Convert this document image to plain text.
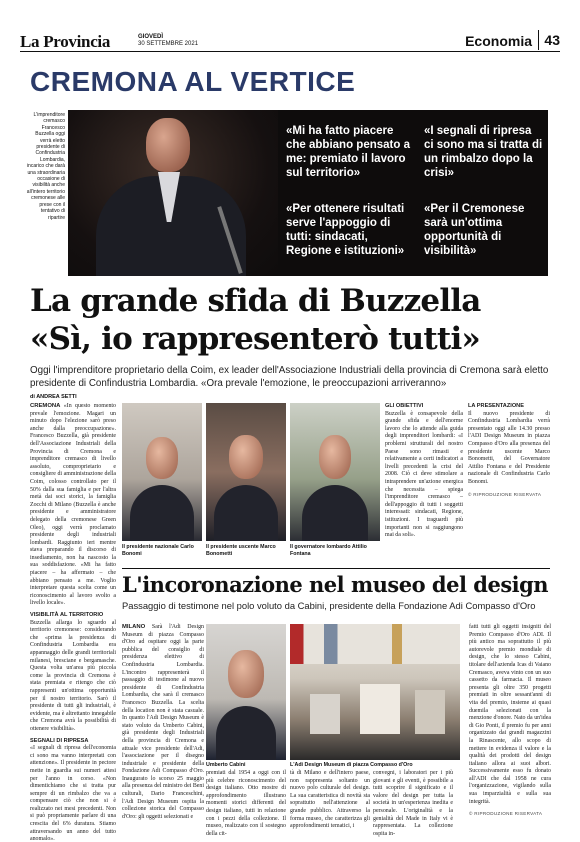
La Provincia	GIOVEDÌ
30 SETTEMBRE 2021	Economia 43
CREMONA AL VERTICE
L'imprenditore cremasco Francesco Buzzella oggi verrà eletto presidente di Confindustria Lombardia, incarico che darà una straordinaria occasione di visibilità anche all'intero territorio cremonese alle prese con il tentativo di ripartire
«Mi ha fatto piacere che abbiano pensato a me: premiato il lavoro sul territorio»
«I segnali di ripresa ci sono ma si tratta di un rimbalzo dopo la crisi»
«Per ottenere risultati serve l'appoggio di tutti: sindacati, Regione e istituzioni»
«Per il Cremonese sarà un'ottima opportunità di visibilità»
La grande sfida di Buzzella
«Sì, io rappresenterò tutti»
Oggi l'imprenditore proprietario della Coim, ex leader dell'Associazione Industriali della provincia di Cremona sarà eletto presidente di Confindustria Lombardia. «Ora prevale l'emozione, le preoccupazioni arriveranno»
di ANDREA SETTI
CREMONA «In questo momento prevale l'emozione. Magari un minuto dopo l'elezione sarò preso anche dalla preoccupazione». Francesco Buzzella, già presidente dell'Associazione Industriali della Provincia di Cremona e imprenditore cremasco di livello assoluto, comproprietario e consigliere di amministrazione della Coim, colosso controllato per il 50% dalla sua famiglia e per l'altra metà dai soci storici, la famiglia Zocchi di Milano (Buzzella è anche presidente e amministratore delegato della cremonese Green Oleo), oggi verrà proclamato presidente degli industriali lombardi. Raggiunto ieri mentre stava preparando il discorso di insediamento, non ha nascosto la sua soddisfazione. «Mi ha fatto piacere – ha affermato – che abbiano pensato a me. Voglio interpretare questa scelta come un riconoscimento al lavoro svolto a livello locale».
VISIBILITÀ AL TERRITORIO
Buzzella allarga lo sguardo al territorio cremonese: considerando che «prima la presidenza di Confindustria Lombardia era appannaggio delle grandi territoriali milanesi, bresciane e bergamasche. Questa volta un'area più piccola come la provincia di Cremona è stata premiata e ritengo che ciò rappresenti un'ottima opportunità per il nostro territorio. Sarò il presidente di tutti gli industriali, è evidente, ma è altrettanto innegabile che Cremona avrà la possibilità di ottenere visibilità».
SEGNALI DI RIPRESA
«I segnali di ripresa dell'economia ci sono ma vanno interpretati con attenzione». Il presidente in pectore mette in guardia sui numeri attesi per l'anno in corso. «Non dimentichiamo che si tratta pur sempre di un rimbalzo che va a compensare ciò che non si è realizzato nei mesi precedenti. Non si può propriamente parlare di una crescita del 6% duratura. Stiamo attraversando un anno del tutto anomalo».
Il presidente nazionale Carlo Bonomi
Il presidente uscente Marco Bonometti
Il governatore lombardo Attilio Fontana
GLI OBIETTIVI
Buzzella è consapevole della grande sfida e dell'enorme lavoro che lo attende alla guida degli imprenditori lombardi: «I problemi strutturali del nostro Paese sono rimasti e relativamente a certi indicatori a livelli precedenti la crisi del 2008. Ciò ci deve stimolare a intraprendere un'azione energica che necessita – spiega l'imprenditore cremasco – dell'appoggio di tutti i soggetti interessati: sindacati, Regione, istituzioni. I traguardi più importanti non si raggiungono mai da soli».
LA PRESENTAZIONE
Il nuovo presidente di Confindustria Lombardia verrà presentato oggi alle 14.30 presso l'ADI Design Museum in piazza Compasso d'Oro alla presenza del presidente uscente Marco Bonometti, del Governatore Attilio Fontana e del Presidente nazionale di Confindustria Carlo Bonomi.
© RIPRODUZIONE RISERVATA
L'incoronazione nel museo del design
Passaggio di testimone nel polo voluto da Cabini, presidente della Fondazione Adi Compasso d'Oro
MILANO Sarà l'Adi Design Museum di piazza Compasso d'Oro ad ospitare oggi la parte pubblica del consiglio di presidenza elettivo di Confindustria Lombardia. L'incontro rappresenterà il passaggio di testimone al nuovo presidente di Confindustria Lombardia, che sarà il cremasco Francesco Buzzella. La scelta della location non è stata casuale. In quanto l'Adi Design Museum è stato voluto da Umberto Cabini, già presidente degli Industriali della provincia di Cremona e attuale vice presidente dell'Adi, l'associazione per il disegno industriale e presidente della Fondazione Adi Compasso d'Oro. Inaugurato lo scorso 25 maggio alla presenza del ministro dei Beni culturali, Dario Franceschini, l'Adi Design Museum ospita la collezione storica del Compasso d'Oro: gli oggetti selezionati e
Umberto Cabini	L'Adi Design Museum di piazza Compasso d'Oro
premiati dal 1954 a oggi con il più celebre riconoscimento del design italiano. Otto mostre di approfondimento illustrano momenti storici differenti del design italiano, tutti in relazione con i pezzi della collezione. Il museo, realizzato con il sostegno della cit-
tà di Milano e dell'intero paese, non rappresenta soltanto un nuovo polo culturale del design. La sua caratteristica di novità sta soprattutto nell'attenzione al grande pubblico. Attraverso la forma museo, che caratterizza gli approfondimenti tematici, i
convegni, i laboratori per i più giovani e gli eventi, è possibile a tutti scoprire il significato e il valore del design per tutta la società in un'esperienza inedita e personale. L'originalità e la genialità del Made in Italy vi è rappresentata. La collezione ospita in-
fatti tutti gli oggetti insigniti del Premio Compasso d'Oro ADI. Il più antico ma soprattutto il più autorevole premio mondiale di design, che lo stesso Cabini, titolare dell'azienda Icas di Vaiano Cremasco, aveva vinto con un suo cassetto da farmacia. Il museo presenta gli oltre 350 progetti premiati in oltre sessant'anni di vita del premio, insieme ai quasi duemila selezionati con la menzione d'onore. Nato da un'idea di Gio Ponti, il premio fu per anni organizzato dai grandi magazzini la Rinascente, allo scopo di mettere in evidenza il valore e la qualità dei prodotti del design italiano allora ai suoi albori. Successivamente esso fu donato all'ADI che dal 1958 ne cura l'organizzazione, vigilando sulla sua imparzialità e sulla sua integrità.
© RIPRODUZIONE RISERVATA
